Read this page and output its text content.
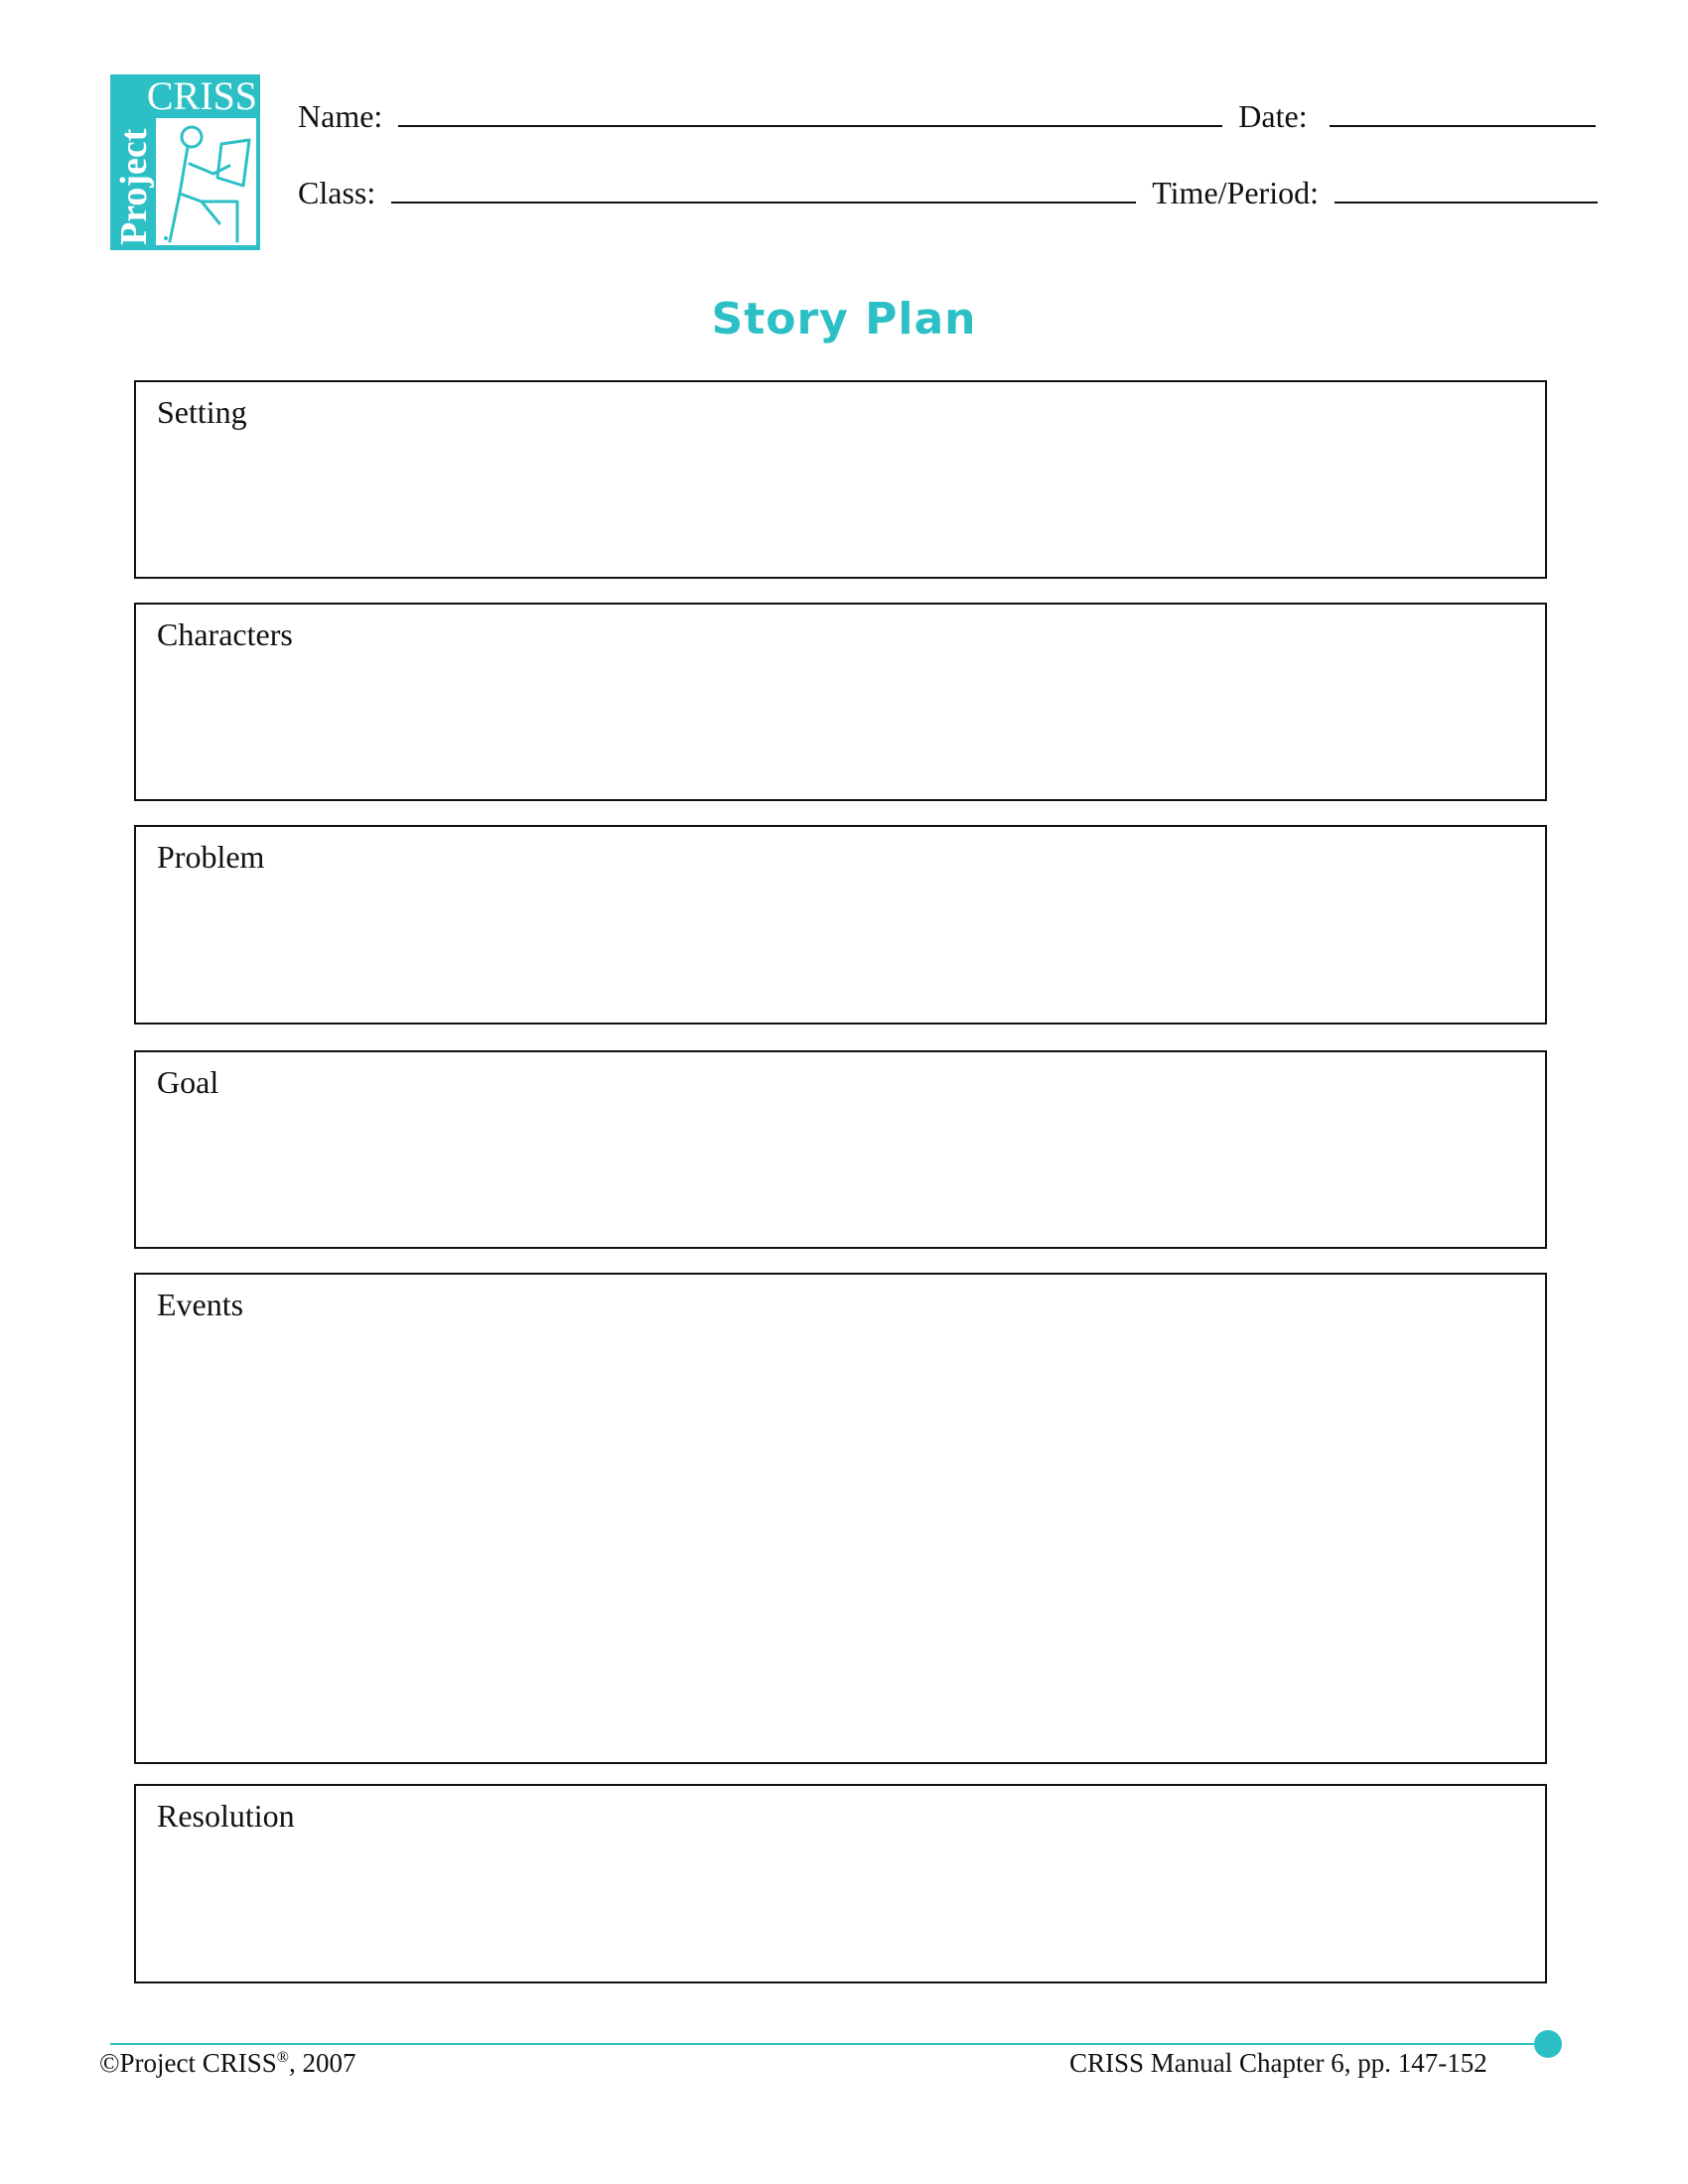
CRISS
Project
Name:	Date:
Class:	Time/Period:
Story Plan
Setting
Characters
Problem
Goal
Events
Resolution
©Project CRISS®, 2007	CRISS Manual Chapter 6, pp. 147-152
